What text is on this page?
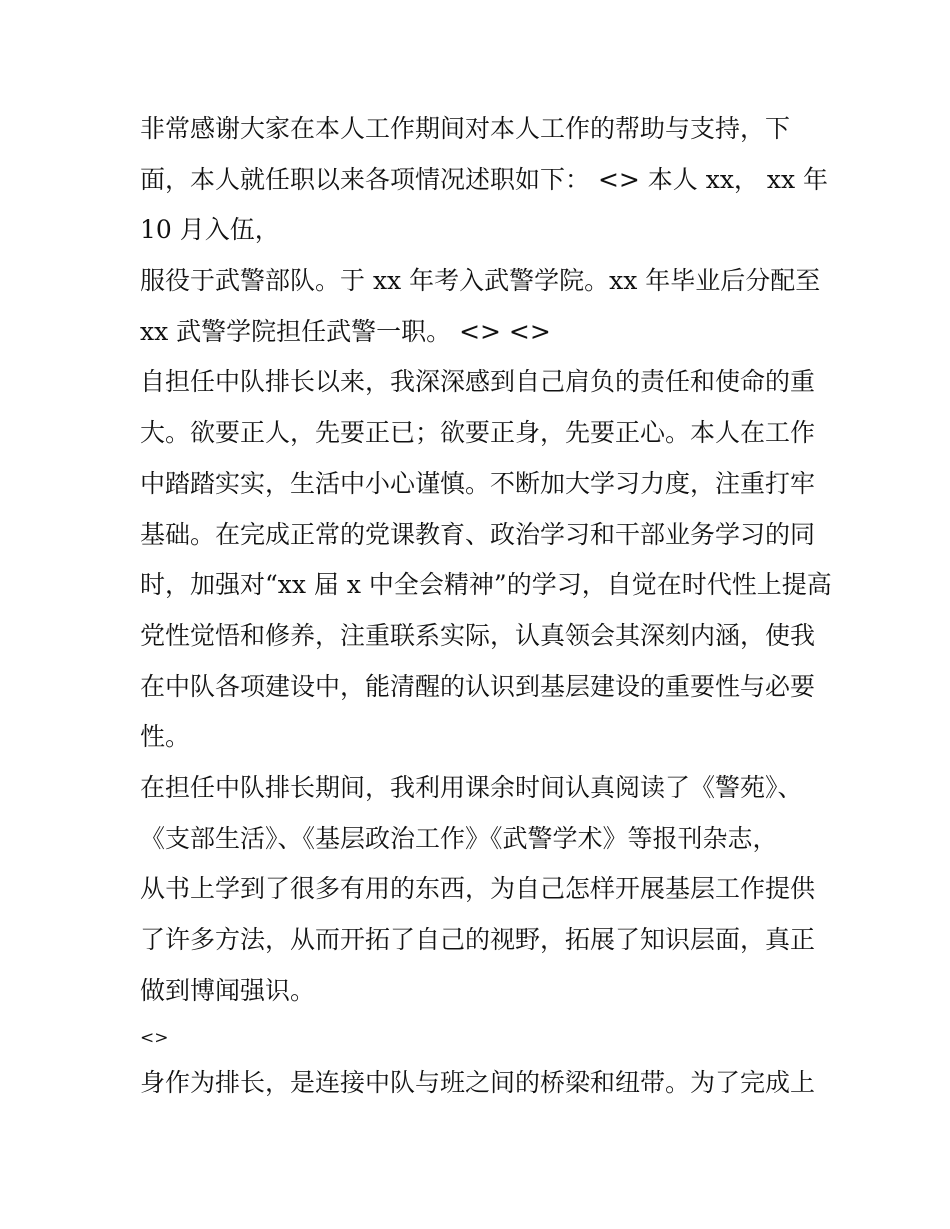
非常感谢大家在本人工作期间对本人工作的帮助与支持，下
面，本人就任职以来各项情况述职如下： <> 本人 xx， xx 年
10 月入伍，
服役于武警部队。于 xx 年考入武警学院。xx 年毕业后分配至
xx 武警学院担任武警一职。 <> <>
自担任中队排长以来，我深深感到自己肩负的责任和使命的重
大。欲要正人，先要正已；欲要正身，先要正心。本人在工作
中踏踏实实，生活中小心谨慎。不断加大学习力度，注重打牢
基础。在完成正常的党课教育、政治学习和干部业务学习的同
时，加强对“xx 届 x 中全会精神”的学习，自觉在时代性上提高
党性觉悟和修养，注重联系实际，认真领会其深刻内涵，使我
在中队各项建设中，能清醒的认识到基层建设的重要性与必要
性。
在担任中队排长期间，我利用课余时间认真阅读了《警苑》、
《支部生活》、《基层政治工作》《武警学术》等报刊杂志，
从书上学到了很多有用的东西，为自己怎样开展基层工作提供
了许多方法，从而开拓了自己的视野，拓展了知识层面，真正
做到博闻强识。
<>
身作为排长，是连接中队与班之间的桥梁和纽带。为了完成上
